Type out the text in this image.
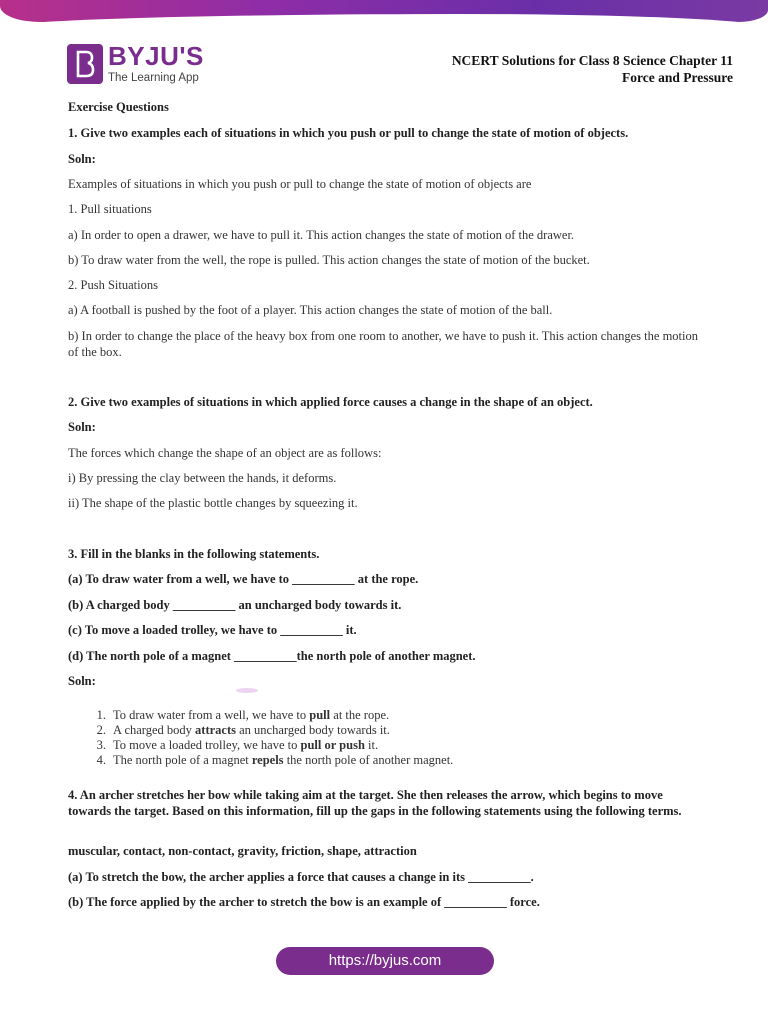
BYJU'S
The Learning App
NCERT Solutions for Class 8 Science Chapter 11
Force and Pressure
Exercise Questions
1. Give two examples each of situations in which you push or pull to change the state of motion of objects.
Soln:
Examples of situations in which you push or pull to change the state of motion of objects are
1. Pull situations
a) In order to open a drawer, we have to pull it. This action changes the state of motion of the drawer.
b) To draw water from the well, the rope is pulled. This action changes the state of motion of the bucket.
2. Push Situations
a) A football is pushed by the foot of a player. This action changes the state of motion of the ball.
b) In order to change the place of the heavy box from one room to another, we have to push it. This action changes the motion of the box.
2. Give two examples of situations in which applied force causes a change in the shape of an object.
Soln:
The forces which change the shape of an object are as follows:
i) By pressing the clay between the hands, it deforms.
ii) The shape of the plastic bottle changes by squeezing it.
3. Fill in the blanks in the following statements.
(a) To draw water from a well, we have to __________ at the rope.
(b) A charged body __________ an uncharged body towards it.
(c) To move a loaded trolley, we have to __________ it.
(d) The north pole of a magnet __________the north pole of another magnet.
Soln:
1. To draw water from a well, we have to pull at the rope.
2. A charged body attracts an uncharged body towards it.
3. To move a loaded trolley, we have to pull or push it.
4. The north pole of a magnet repels the north pole of another magnet.
4. An archer stretches her bow while taking aim at the target. She then releases the arrow, which begins to move towards the target. Based on this information, fill up the gaps in the following statements using the following terms.
muscular, contact, non-contact, gravity, friction, shape, attraction
(a) To stretch the bow, the archer applies a force that causes a change in its __________.
(b) The force applied by the archer to stretch the bow is an example of __________ force.
https://byjus.com
